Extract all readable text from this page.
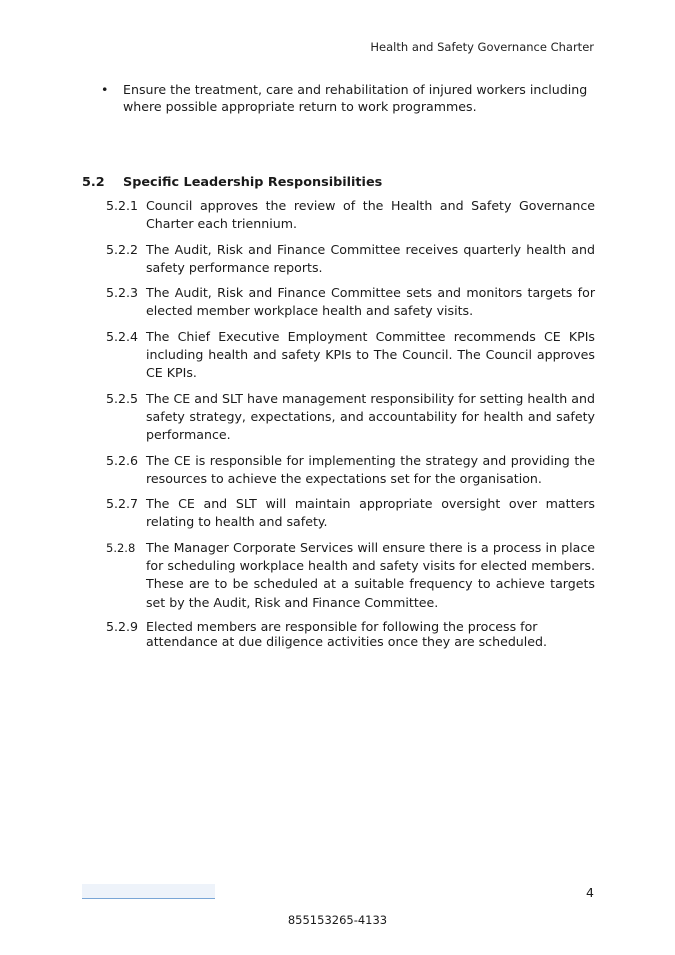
Health and Safety Governance Charter
• Ensure the treatment, care and rehabilitation of injured workers including where possible appropriate return to work programmes.
5.2 Specific Leadership Responsibilities
5.2.1 Council approves the review of the Health and Safety Governance Charter each triennium.
5.2.2 The Audit, Risk and Finance Committee receives quarterly health and safety performance reports.
5.2.3 The Audit, Risk and Finance Committee sets and monitors targets for elected member workplace health and safety visits.
5.2.4 The Chief Executive Employment Committee recommends CE KPIs including health and safety KPIs to The Council. The Council approves CE KPIs.
5.2.5 The CE and SLT have management responsibility for setting health and safety strategy, expectations, and accountability for health and safety performance.
5.2.6 The CE is responsible for implementing the strategy and providing the resources to achieve the expectations set for the organisation.
5.2.7 The CE and SLT will maintain appropriate oversight over matters relating to health and safety.
5.2.8 The Manager Corporate Services will ensure there is a process in place for scheduling workplace health and safety visits for elected members. These are to be scheduled at a suitable frequency to achieve targets set by the Audit, Risk and Finance Committee.
5.2.9 Elected members are responsible for following the process for attendance at due diligence activities once they are scheduled.
4
855153265-4133
